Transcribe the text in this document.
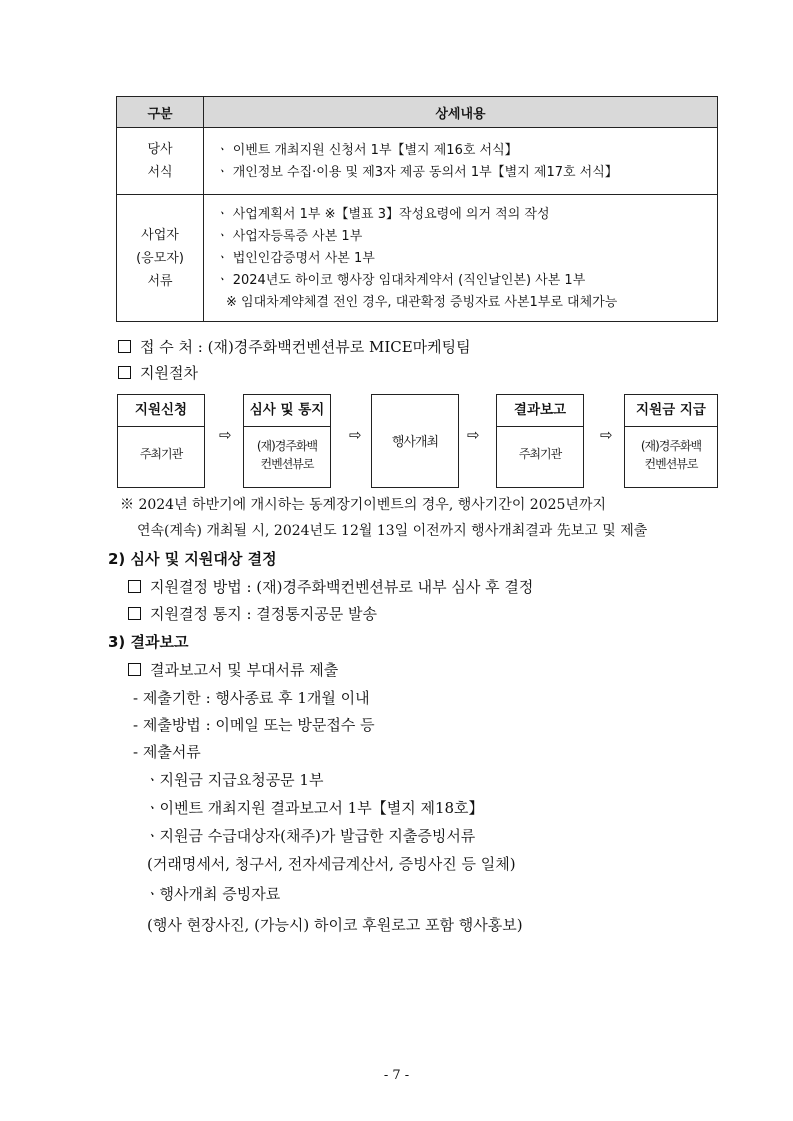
구분	상세내용

당사
서식	ㆍ 이벤트 개최지원 신청서 1부【별지 제16호 서식】
ㆍ 개인정보 수집·이용 및 제3자 제공 동의서 1부【별지 제17호 서식】

사업자
(응모자)
서류	ㆍ 사업계획서 1부 ※【별표 3】작성요령에 의거 적의 작성
ㆍ 사업자등록증 사본 1부
ㆍ 법인인감증명서 사본 1부
ㆍ 2024년도 하이코 행사장 임대차계약서 (직인날인본) 사본 1부
※ 임대차계약체결 전인 경우, 대관확정 증빙자료 사본1부로 대체가능
접 수 처 : (재)경주화백컨벤션뷰로 MICE마케팅팀
지원절차
지원신청
주최기관
⇨
심사 및 통지
(재)경주화백
컨벤션뷰로
⇨	행사개최	⇨
결과보고
주최기관
⇨
지원금 지급
(재)경주화백
컨벤션뷰로
※ 2024년 하반기에 개시하는 동계장기이벤트의 경우, 행사기간이 2025년까지
연속(계속) 개최될 시, 2024년도 12월 13일 이전까지 행사개최결과 先보고 및 제출
2) 심사 및 지원대상 결정
지원결정 방법 : (재)경주화백컨벤션뷰로 내부 심사 후 결정
지원결정 통지 : 결정통지공문 발송
3) 결과보고
결과보고서 및 부대서류 제출
- 제출기한 : 행사종료 후 1개월 이내
- 제출방법 : 이메일 또는 방문접수 등
- 제출서류
ㆍ지원금 지급요청공문 1부
ㆍ이벤트 개최지원 결과보고서 1부【별지 제18호】
ㆍ지원금 수급대상자(채주)가 발급한 지출증빙서류
(거래명세서, 청구서, 전자세금계산서, 증빙사진 등 일체)
ㆍ행사개최 증빙자료
(행사 현장사진, (가능시) 하이코 후원로고 포함 행사홍보)
- 7 -
